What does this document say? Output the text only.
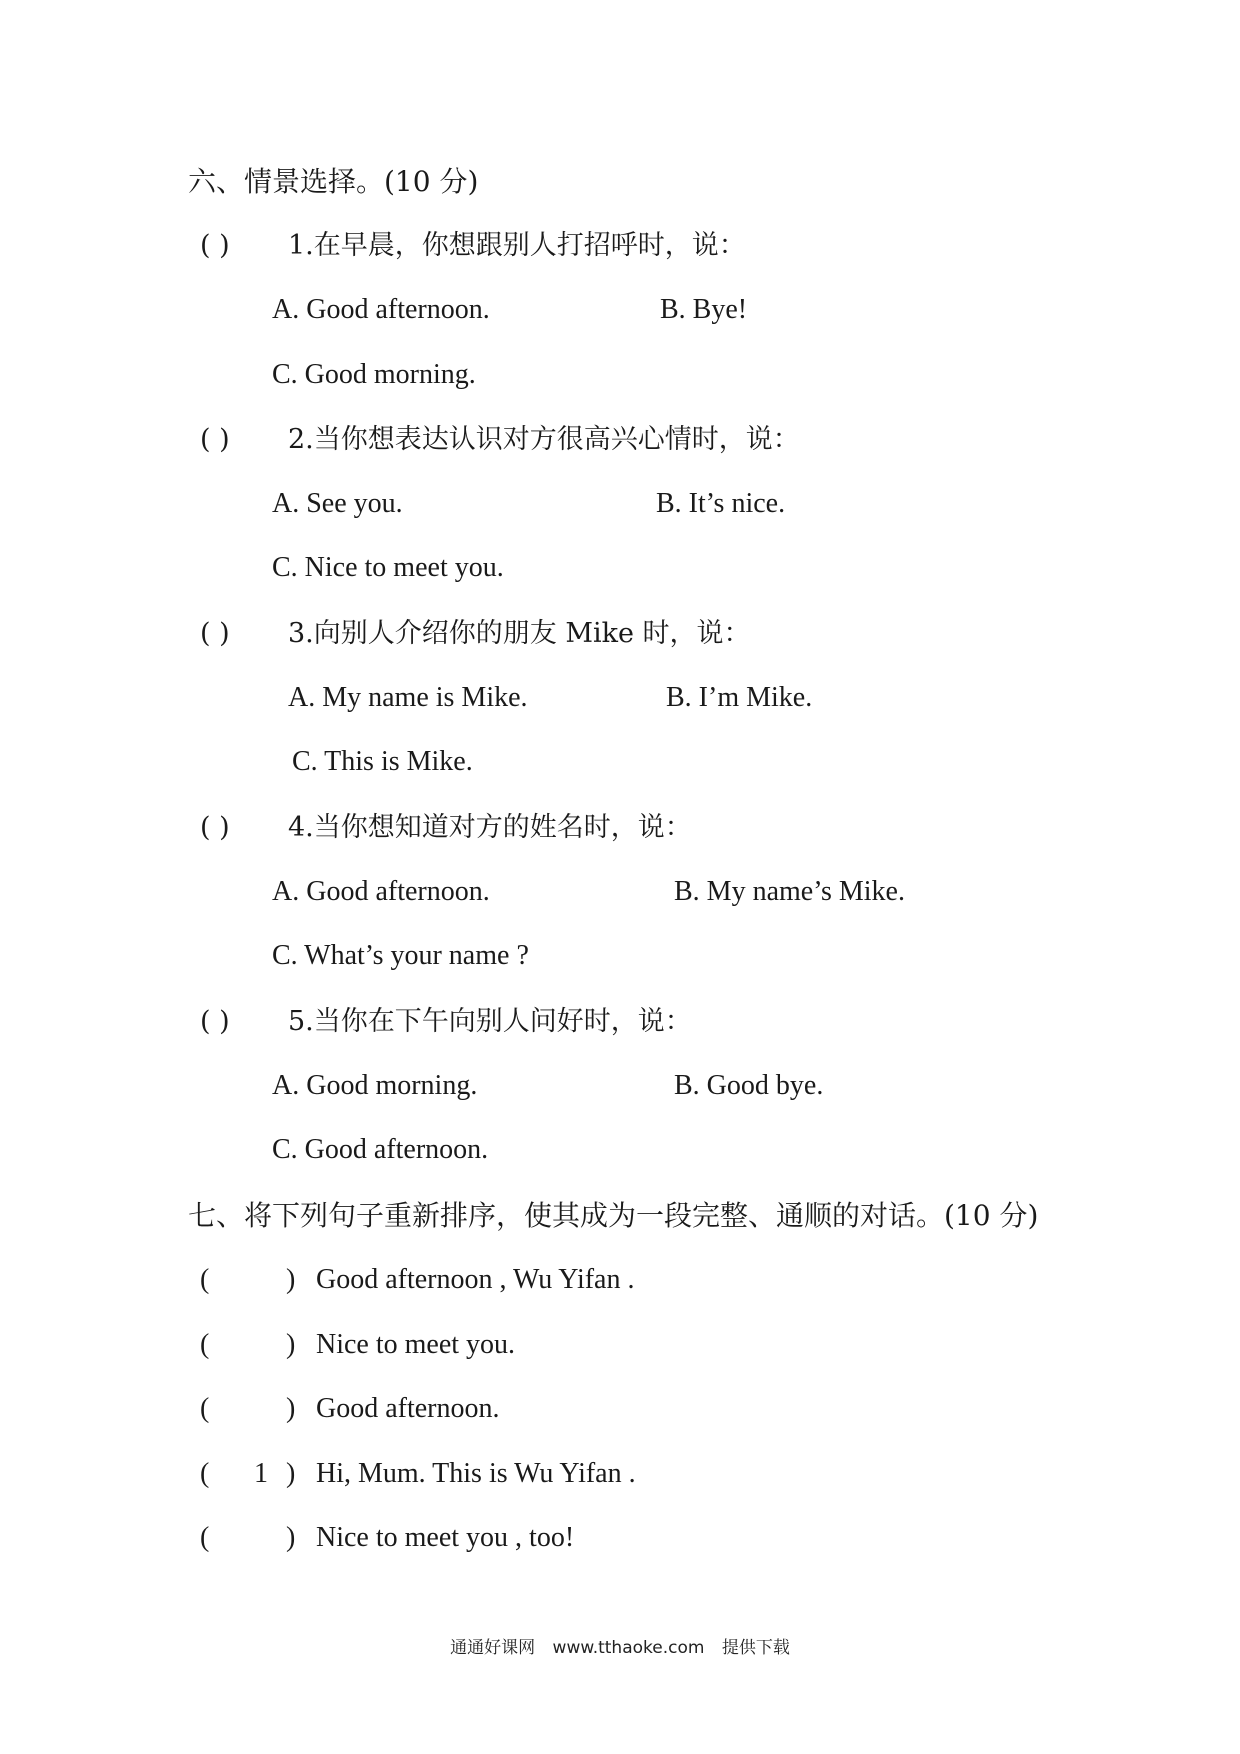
六、情景选择。(10 分)
( ) 1.在早晨，你想跟别人打招呼时，说：
A. Good afternoon.	B. Bye!
C. Good morning.
( ) 2.当你想表达认识对方很高兴心情时，说：
A. See you.	B. It’s nice.
C. Nice to meet you.
( ) 3.向别人介绍你的朋友 Mike 时，说：
A. My name is Mike.	B. I’m Mike.
C. This is Mike.
( ) 4.当你想知道对方的姓名时，说：
A. Good afternoon.	B. My name’s Mike.
C. What’s your name ?
( ) 5.当你在下午向别人问好时，说：
A. Good morning.	B. Good bye.
C. Good afternoon.
七、将下列句子重新排序，使其成为一段完整、通顺的对话。(10 分)
(	) Good afternoon , Wu Yifan .
(	) Nice to meet you.
(	) Good afternoon.
( 1 ) Hi, Mum. This is Wu Yifan .
(	) Nice to meet you , too!
通通好课网 www.tthaoke.com 提供下载
